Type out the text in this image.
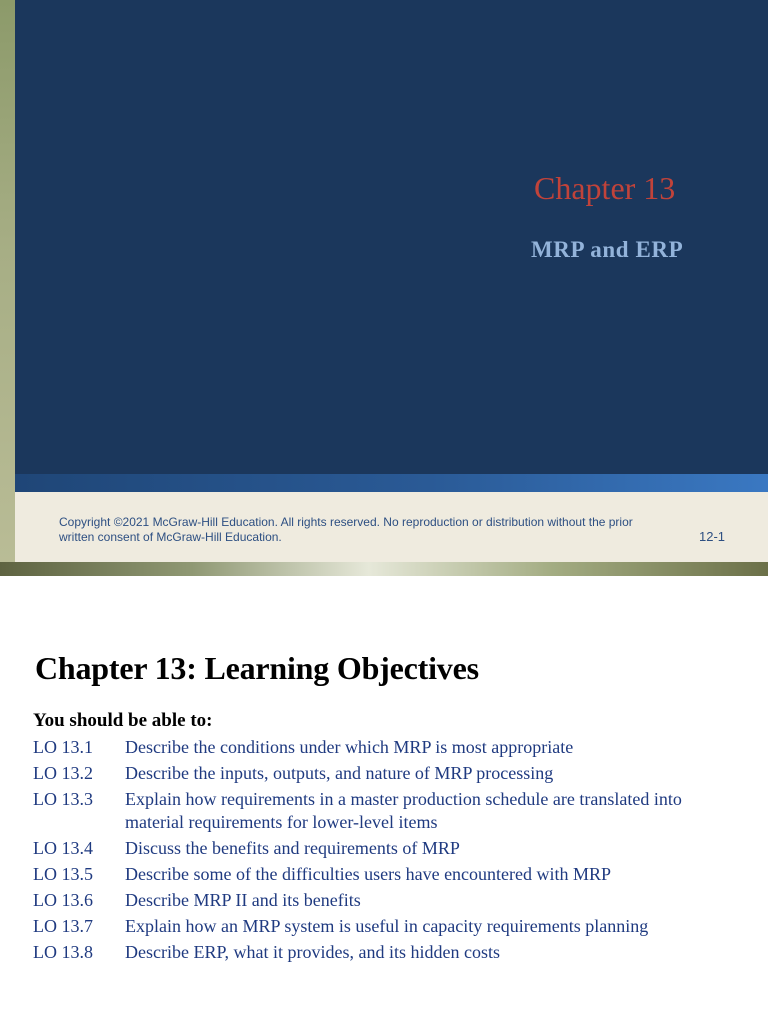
Chapter 13
MRP and ERP

Copyright ©2021 McGraw-Hill Education. All rights reserved. No reproduction or distribution without the prior written consent of McGraw-Hill Education.	12-1

Chapter 13: Learning Objectives

You should be able to:

LO 13.1	Describe the conditions under which MRP is most appropriate
LO 13.2	Describe the inputs, outputs, and nature of MRP processing
LO 13.3	Explain how requirements in a master production schedule are translated into material requirements for lower-level items
LO 13.4	Discuss the benefits and requirements of MRP
LO 13.5	Describe some of the difficulties users have encountered with MRP
LO 13.6	Describe MRP II and its benefits
LO 13.7	Explain how an MRP system is useful in capacity requirements planning
LO 13.8	Describe ERP, what it provides, and its hidden costs
